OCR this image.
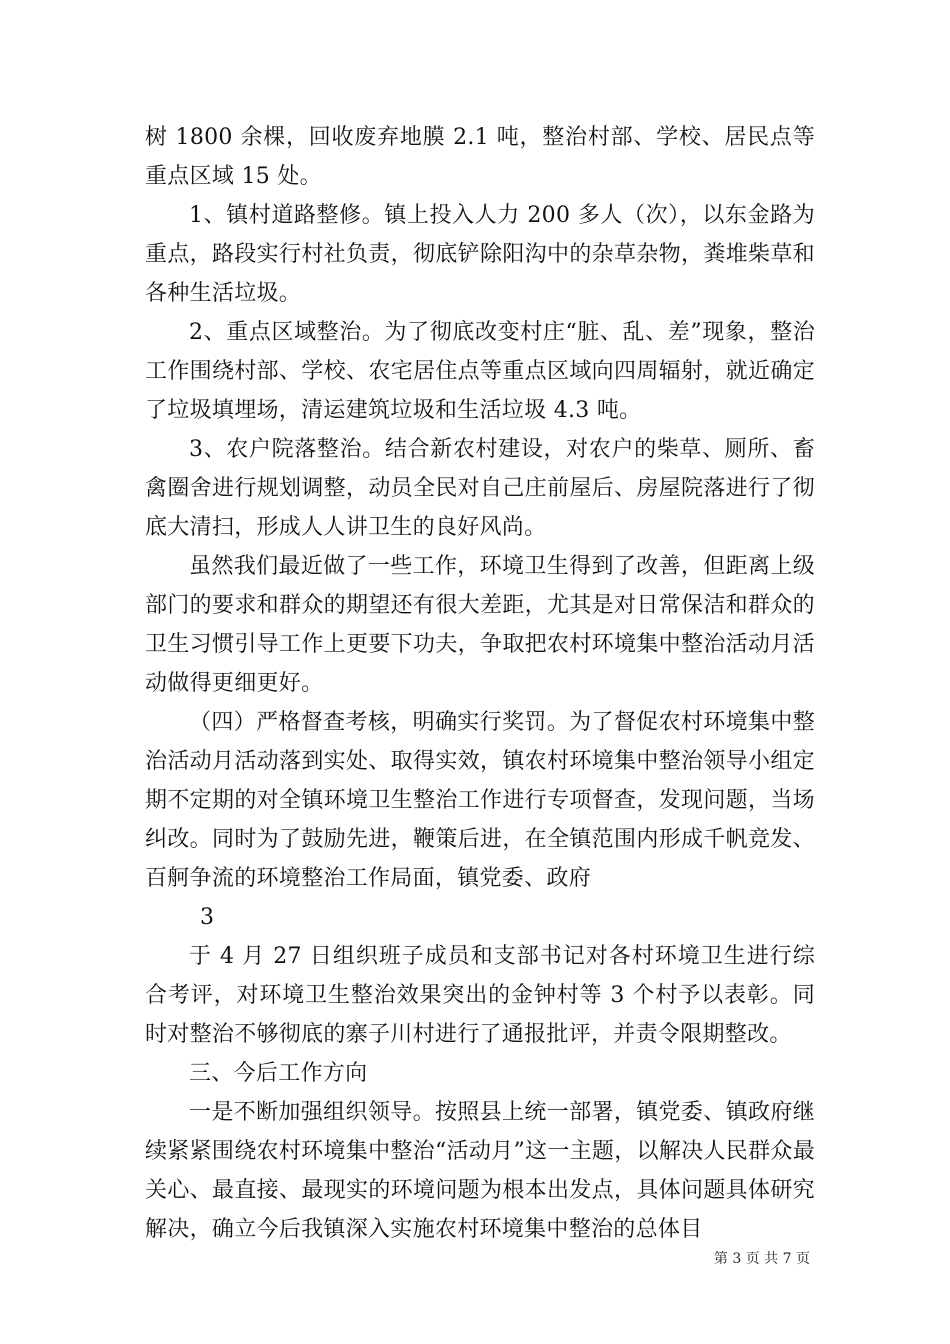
树 1800 余棵，回收废弃地膜 2.1 吨，整治村部、学校、居民点等重点区域 15 处。

1、镇村道路整修。镇上投入人力 200 多人（次），以东金路为重点，路段实行村社负责，彻底铲除阳沟中的杂草杂物，粪堆柴草和各种生活垃圾。

2、重点区域整治。为了彻底改变村庄“脏、乱、差”现象，整治工作围绕村部、学校、农宅居住点等重点区域向四周辐射，就近确定了垃圾填埋场，清运建筑垃圾和生活垃圾 4.3 吨。

3、农户院落整治。结合新农村建设，对农户的柴草、厕所、畜禽圈舍进行规划调整，动员全民对自己庄前屋后、房屋院落进行了彻底大清扫，形成人人讲卫生的良好风尚。

虽然我们最近做了一些工作，环境卫生得到了改善，但距离上级部门的要求和群众的期望还有很大差距，尤其是对日常保洁和群众的卫生习惯引导工作上更要下功夫，争取把农村环境集中整治活动月活动做得更细更好。

（四）严格督查考核，明确实行奖罚。为了督促农村环境集中整治活动月活动落到实处、取得实效，镇农村环境集中整治领导小组定期不定期的对全镇环境卫生整治工作进行专项督查，发现问题，当场纠改。同时为了鼓励先进，鞭策后进，在全镇范围内形成千帆竞发、百舸争流的环境整治工作局面，镇党委、政府

3

于 4 月 27 日组织班子成员和支部书记对各村环境卫生进行综合考评，对环境卫生整治效果突出的金钟村等 3 个村予以表彰。同时对整治不够彻底的寨子川村进行了通报批评，并责令限期整改。

三、今后工作方向

一是不断加强组织领导。按照县上统一部署，镇党委、镇政府继续紧紧围绕农村环境集中整治“活动月”这一主题，以解决人民群众最关心、最直接、最现实的环境问题为根本出发点，具体问题具体研究解决，确立今后我镇深入实施农村环境集中整治的总体目

第 3 页 共 7 页
